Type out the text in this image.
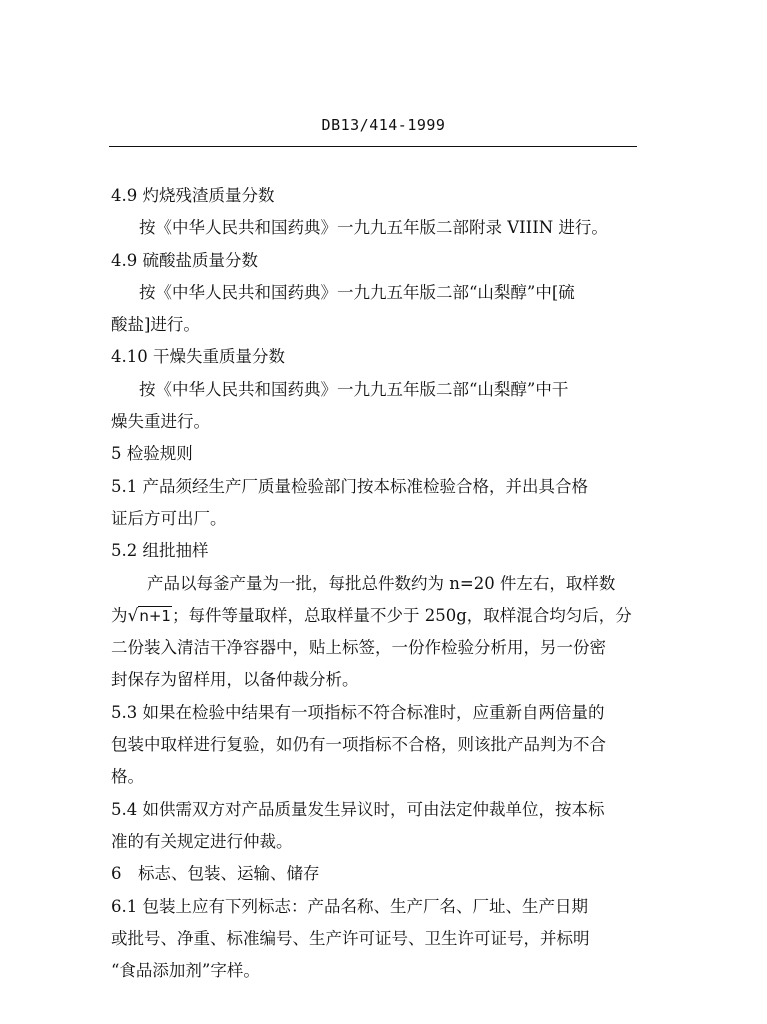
DB13/414-1999
4.9 灼烧残渣质量分数
按《中华人民共和国药典》一九九五年版二部附录 VIIIN 进行。
4.9 硫酸盐质量分数
按《中华人民共和国药典》一九九五年版二部“山梨醇”中[硫
酸盐]进行。
4.10 干燥失重质量分数
按《中华人民共和国药典》一九九五年版二部“山梨醇”中干
燥失重进行。
5 检验规则
5.1 产品须经生产厂质量检验部门按本标准检验合格，并出具合格
证后方可出厂。
5.2 组批抽样
产品以每釜产量为一批，每批总件数约为 n=20 件左右，取样数
为√n+1；每件等量取样，总取样量不少于 250g，取样混合均匀后，分
二份装入清洁干净容器中，贴上标签，一份作检验分析用，另一份密
封保存为留样用，以备仲裁分析。
5.3 如果在检验中结果有一项指标不符合标准时，应重新自两倍量的
包装中取样进行复验，如仍有一项指标不合格，则该批产品判为不合
格。
5.4 如供需双方对产品质量发生异议时，可由法定仲裁单位，按本标
准的有关规定进行仲裁。
6　标志、包装、运输、储存
6.1 包装上应有下列标志：产品名称、生产厂名、厂址、生产日期
或批号、净重、标准编号、生产许可证号、卫生许可证号，并标明
“食品添加剂”字样。
